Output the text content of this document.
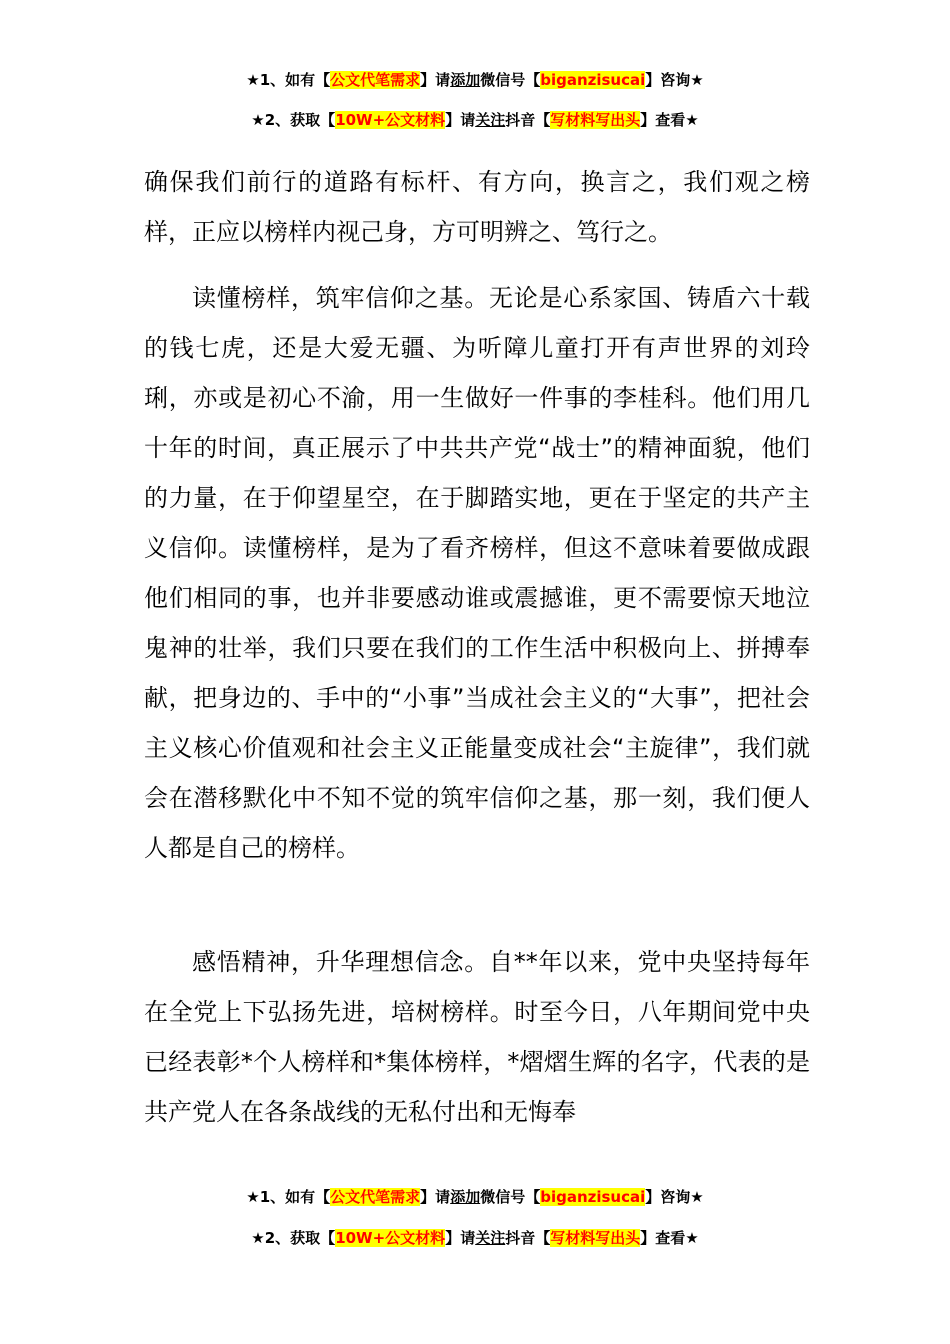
★1、如有【公文代笔需求】请添加微信号【biganzisucai】咨询★
★2、获取【10W+公文材料】请关注抖音【写材料写出头】查看★

确保我们前行的道路有标杆、有方向，换言之，我们观之榜样，正应以榜样内视己身，方可明辨之、笃行之。

读懂榜样，筑牢信仰之基。无论是心系家国、铸盾六十载的钱七虎，还是大爱无疆、为听障儿童打开有声世界的刘玲琍，亦或是初心不渝，用一生做好一件事的李桂科。他们用几十年的时间，真正展示了中共共产党“战士”的精神面貌，他们的力量，在于仰望星空，在于脚踏实地，更在于坚定的共产主义信仰。读懂榜样，是为了看齐榜样，但这不意味着要做成跟他们相同的事，也并非要感动谁或震撼谁，更不需要惊天地泣鬼神的壮举，我们只要在我们的工作生活中积极向上、拼搏奉献，把身边的、手中的“小事”当成社会主义的“大事”，把社会主义核心价值观和社会主义正能量变成社会“主旋律”，我们就会在潜移默化中不知不觉的筑牢信仰之基，那一刻，我们便人人都是自己的榜样。

感悟精神，升华理想信念。自**年以来，党中央坚持每年在全党上下弘扬先进，培树榜样。时至今日，八年期间党中央已经表彰*个人榜样和*集体榜样，*熠熠生辉的名字，代表的是共产党人在各条战线的无私付出和无悔奉

★1、如有【公文代笔需求】请添加微信号【biganzisucai】咨询★
★2、获取【10W+公文材料】请关注抖音【写材料写出头】查看★
